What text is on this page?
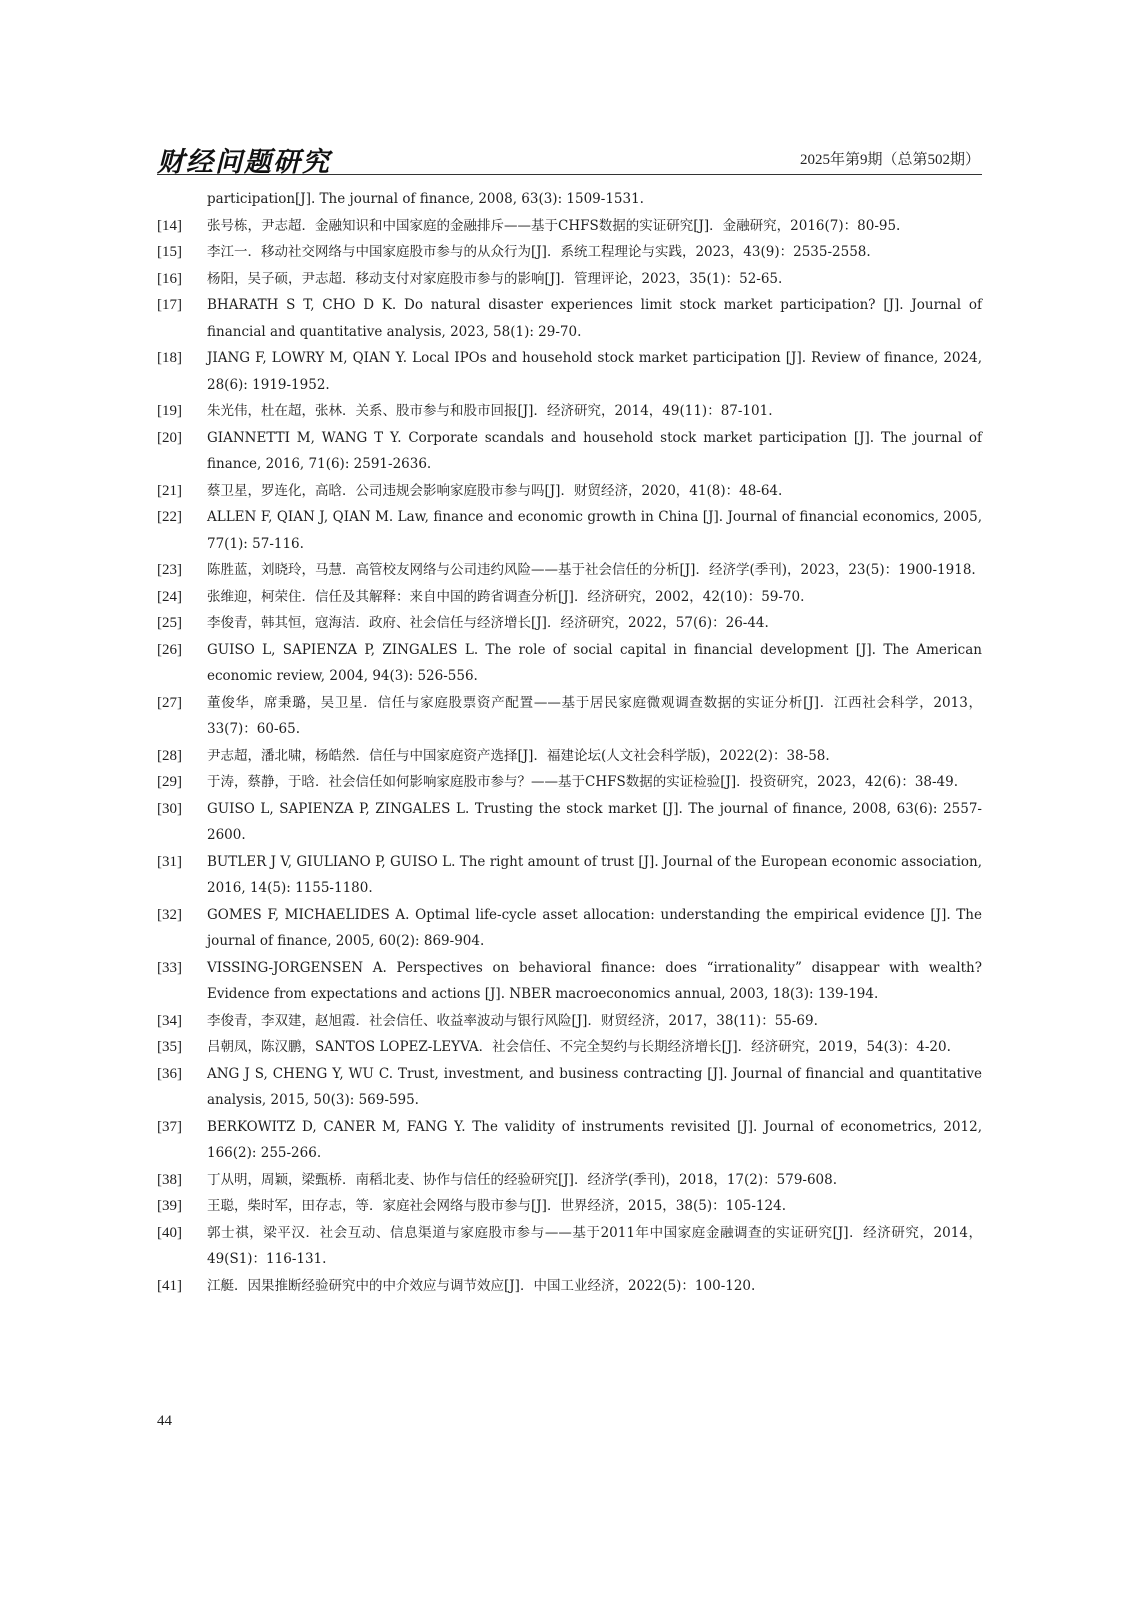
财经问题研究	2025年第9期（总第502期）
participation[J]. The journal of finance, 2008, 63(3): 1509-1531.
[14]	张号栋，尹志超．金融知识和中国家庭的金融排斥——基于CHFS数据的实证研究[J]．金融研究，2016(7)：80-95.
[15]	李江一．移动社交网络与中国家庭股市参与的从众行为[J]．系统工程理论与实践，2023，43(9)：2535-2558.
[16]	杨阳，吴子硕，尹志超．移动支付对家庭股市参与的影响[J]．管理评论，2023，35(1)：52-65.
[17]	BHARATH S T, CHO D K. Do natural disaster experiences limit stock market participation? [J]. Journal of financial and quantitative analysis, 2023, 58(1): 29-70.
[18]	JIANG F, LOWRY M, QIAN Y. Local IPOs and household stock market participation [J]. Review of finance, 2024, 28(6): 1919-1952.
[19]	朱光伟，杜在超，张林．关系、股市参与和股市回报[J]．经济研究，2014，49(11)：87-101.
[20]	GIANNETTI M, WANG T Y. Corporate scandals and household stock market participation [J]. The journal of finance, 2016, 71(6): 2591-2636.
[21]	蔡卫星，罗连化，高晗．公司违规会影响家庭股市参与吗[J]．财贸经济，2020，41(8)：48-64.
[22]	ALLEN F, QIAN J, QIAN M. Law, finance and economic growth in China [J]. Journal of financial economics, 2005, 77(1): 57-116.
[23]	陈胜蓝，刘晓玲，马慧．高管校友网络与公司违约风险——基于社会信任的分析[J]．经济学(季刊)，2023，23(5)：1900-1918.
[24]	张维迎，柯荣住．信任及其解释：来自中国的跨省调查分析[J]．经济研究，2002，42(10)：59-70.
[25]	李俊青，韩其恒，寇海洁．政府、社会信任与经济增长[J]．经济研究，2022，57(6)：26-44.
[26]	GUISO L, SAPIENZA P, ZINGALES L. The role of social capital in financial development [J]. The American economic review, 2004, 94(3): 526-556.
[27]	董俊华，席秉璐，吴卫星．信任与家庭股票资产配置——基于居民家庭微观调查数据的实证分析[J]．江西社会科学，2013，33(7)：60-65.
[28]	尹志超，潘北啸，杨皓然．信任与中国家庭资产选择[J]．福建论坛(人文社会科学版)，2022(2)：38-58.
[29]	于涛，蔡静，于晗．社会信任如何影响家庭股市参与？——基于CHFS数据的实证检验[J]．投资研究，2023，42(6)：38-49.
[30]	GUISO L, SAPIENZA P, ZINGALES L. Trusting the stock market [J]. The journal of finance, 2008, 63(6): 2557-2600.
[31]	BUTLER J V, GIULIANO P, GUISO L. The right amount of trust [J]. Journal of the European economic association, 2016, 14(5): 1155-1180.
[32]	GOMES F, MICHAELIDES A. Optimal life-cycle asset allocation: understanding the empirical evidence [J]. The journal of finance, 2005, 60(2): 869-904.
[33]	VISSING-JORGENSEN A. Perspectives on behavioral finance: does “irrationality” disappear with wealth? Evidence from expectations and actions [J]. NBER macroeconomics annual, 2003, 18(3): 139-194.
[34]	李俊青，李双建，赵旭霞．社会信任、收益率波动与银行风险[J]．财贸经济，2017，38(11)：55-69.
[35]	吕朝凤，陈汉鹏，SANTOS LOPEZ-LEYVA．社会信任、不完全契约与长期经济增长[J]．经济研究，2019，54(3)：4-20.
[36]	ANG J S, CHENG Y, WU C. Trust, investment, and business contracting [J]. Journal of financial and quantitative analysis, 2015, 50(3): 569-595.
[37]	BERKOWITZ D, CANER M, FANG Y. The validity of instruments revisited [J]. Journal of econometrics, 2012, 166(2): 255-266.
[38]	丁从明，周颖，梁甄桥．南稻北麦、协作与信任的经验研究[J]．经济学(季刊)，2018，17(2)：579-608.
[39]	王聪，柴时军，田存志，等．家庭社会网络与股市参与[J]．世界经济，2015，38(5)：105-124.
[40]	郭士祺，梁平汉．社会互动、信息渠道与家庭股市参与——基于2011年中国家庭金融调查的实证研究[J]．经济研究，2014，49(S1)：116-131.
[41]	江艇．因果推断经验研究中的中介效应与调节效应[J]．中国工业经济，2022(5)：100-120.
44
